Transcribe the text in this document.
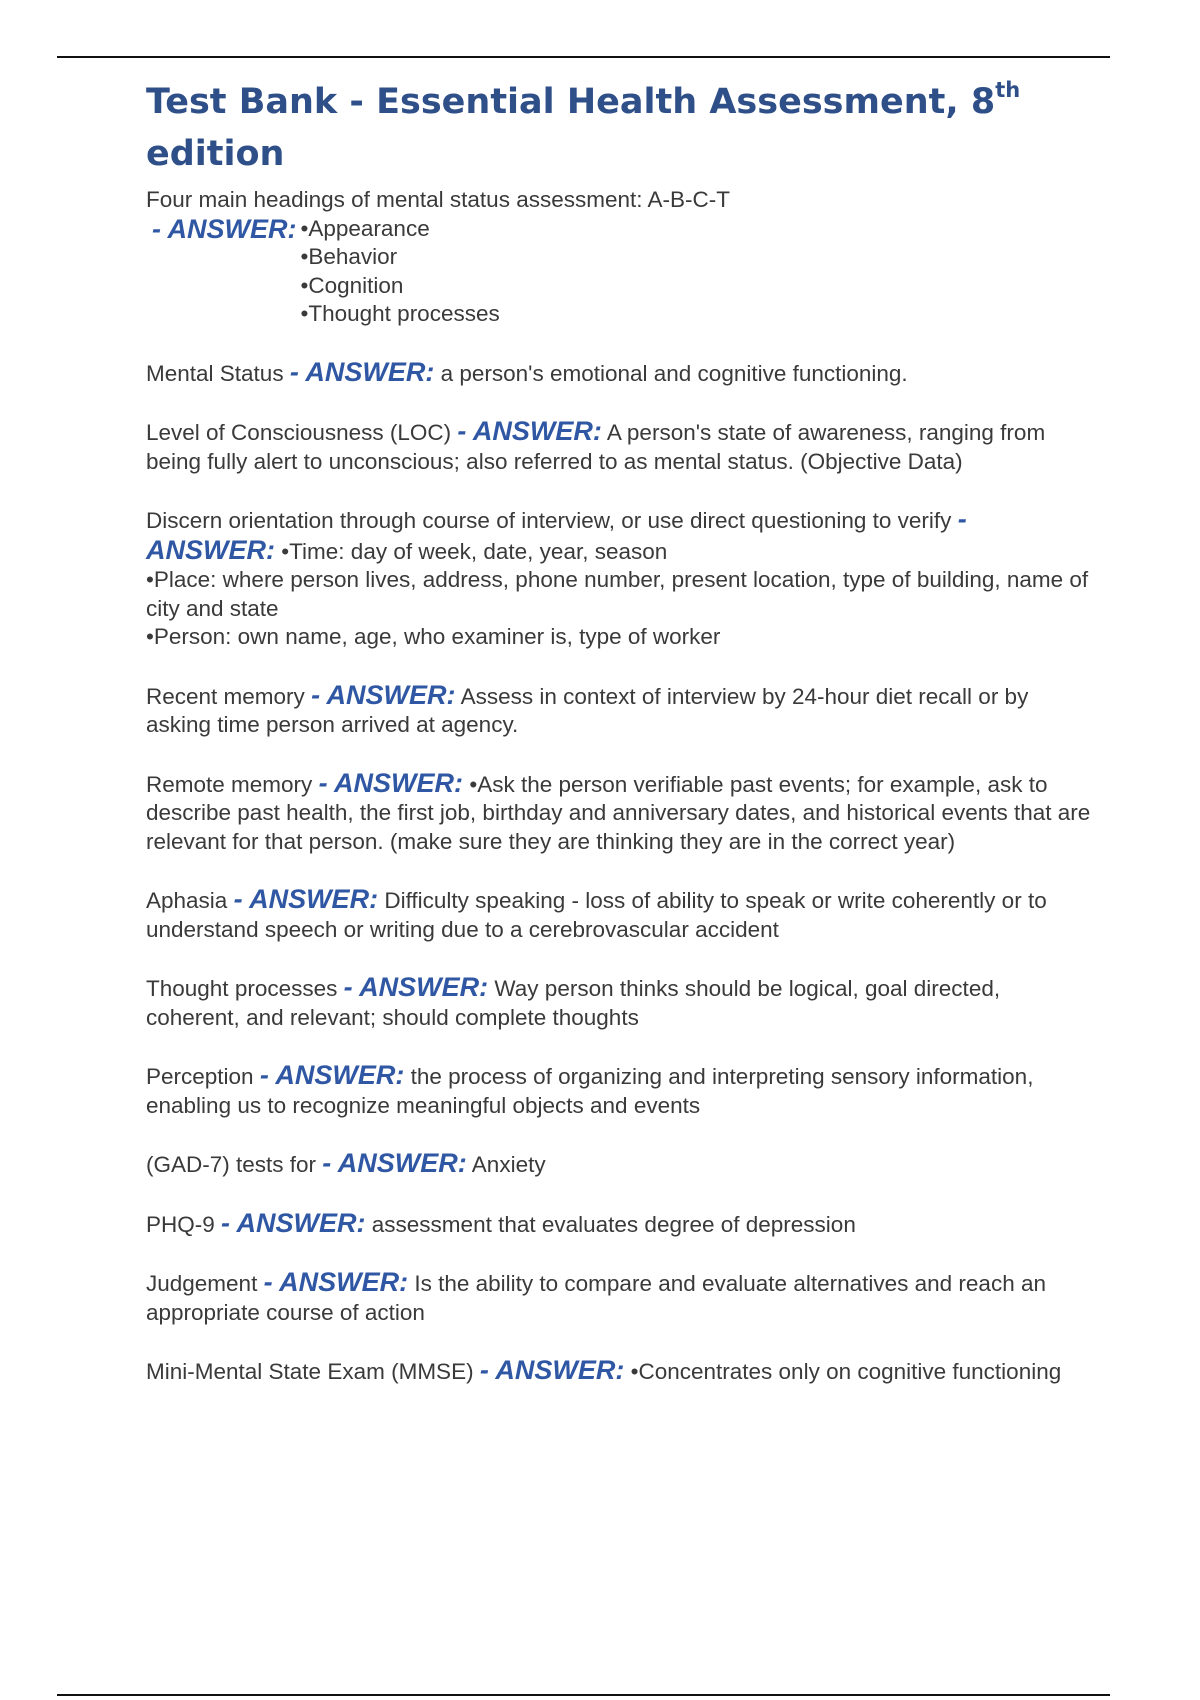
Test Bank - Essential Health Assessment, 8th
edition
Four main headings of mental status assessment: A-B-C-T
- ANSWER: •Appearance
•Behavior
•Cognition
•Thought processes
Mental Status - ANSWER: a person's emotional and cognitive functioning.
Level of Consciousness (LOC) - ANSWER: A person's state of awareness, ranging from being fully alert to unconscious; also referred to as mental status. (Objective Data)
Discern orientation through course of interview, or use direct questioning to verify - ANSWER: •Time: day of week, date, year, season
•Place: where person lives, address, phone number, present location, type of building, name of city and state
•Person: own name, age, who examiner is, type of worker
Recent memory - ANSWER: Assess in context of interview by 24-hour diet recall or by asking time person arrived at agency.
Remote memory - ANSWER: •Ask the person verifiable past events; for example, ask to describe past health, the first job, birthday and anniversary dates, and historical events that are relevant for that person. (make sure they are thinking they are in the correct year)
Aphasia - ANSWER: Difficulty speaking - loss of ability to speak or write coherently or to understand speech or writing due to a cerebrovascular accident
Thought processes - ANSWER: Way person thinks should be logical, goal directed, coherent, and relevant; should complete thoughts
Perception - ANSWER: the process of organizing and interpreting sensory information, enabling us to recognize meaningful objects and events
(GAD-7) tests for - ANSWER: Anxiety
PHQ-9 - ANSWER: assessment that evaluates degree of depression
Judgement - ANSWER: Is the ability to compare and evaluate alternatives and reach an appropriate course of action
Mini-Mental State Exam (MMSE) - ANSWER: •Concentrates only on cognitive functioning
